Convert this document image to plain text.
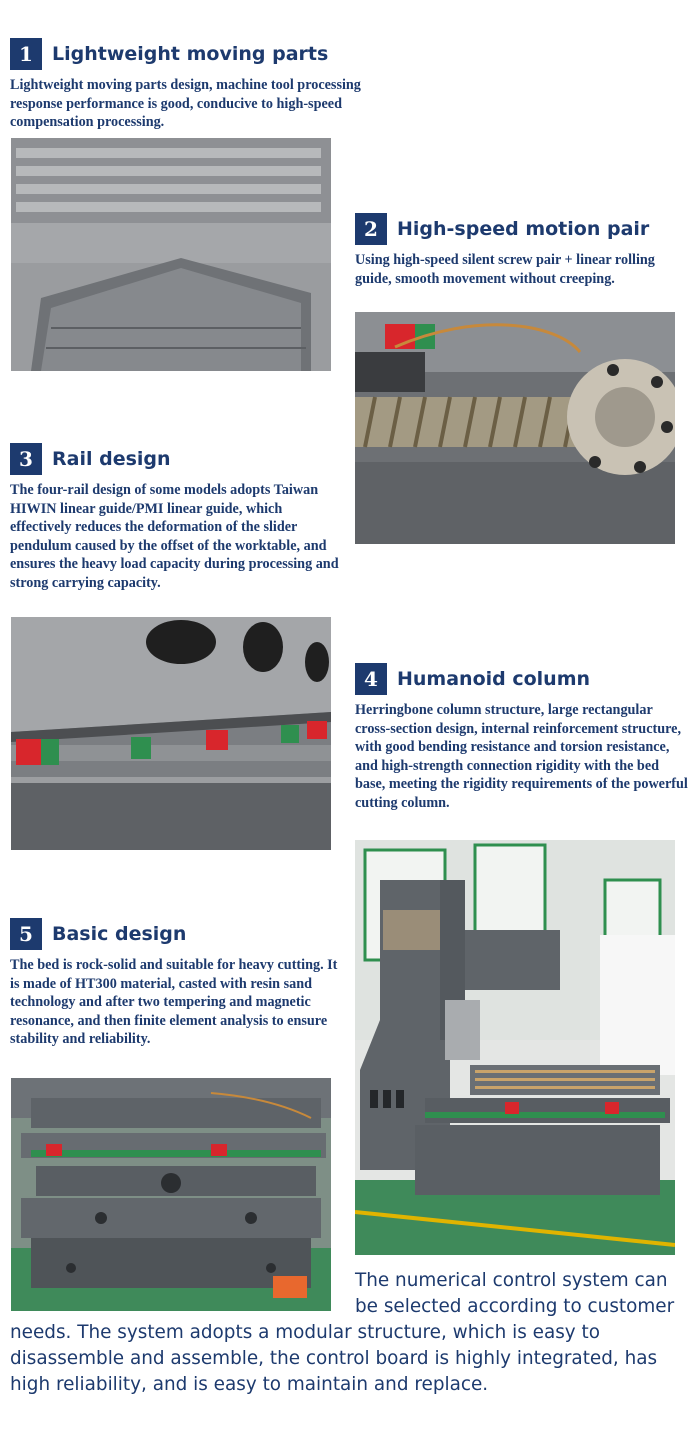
1 Lightweight moving parts

Lightweight moving parts design, machine tool processing response performance is good, conducive to high-speed compensation processing.

2 High-speed motion pair

Using high-speed silent screw pair + linear rolling guide, smooth movement without creeping.

3 Rail design

The four-rail design of some models adopts Taiwan HIWIN linear guide/PMI linear guide, which effectively reduces the deformation of the slider pendulum caused by the offset of the worktable, and ensures the heavy load capacity during processing and strong carrying capacity.

4 Humanoid column

Herringbone column structure, large rectangular cross-section design, internal reinforcement structure, with good bending resistance and torsion resistance, and high-strength connection rigidity with the bed base, meeting the rigidity requirements of the powerful cutting column.

5 Basic design

The bed is rock-solid and suitable for heavy cutting. It is made of HT300 material, casted with resin sand technology and after two tempering and magnetic resonance, and then finite element analysis to ensure stability and reliability.

The numerical control system can be selected according to customer
needs. The system adopts a modular structure, which is easy to disassemble and assemble, the control board is highly integrated, has high reliability, and is easy to maintain and replace.
